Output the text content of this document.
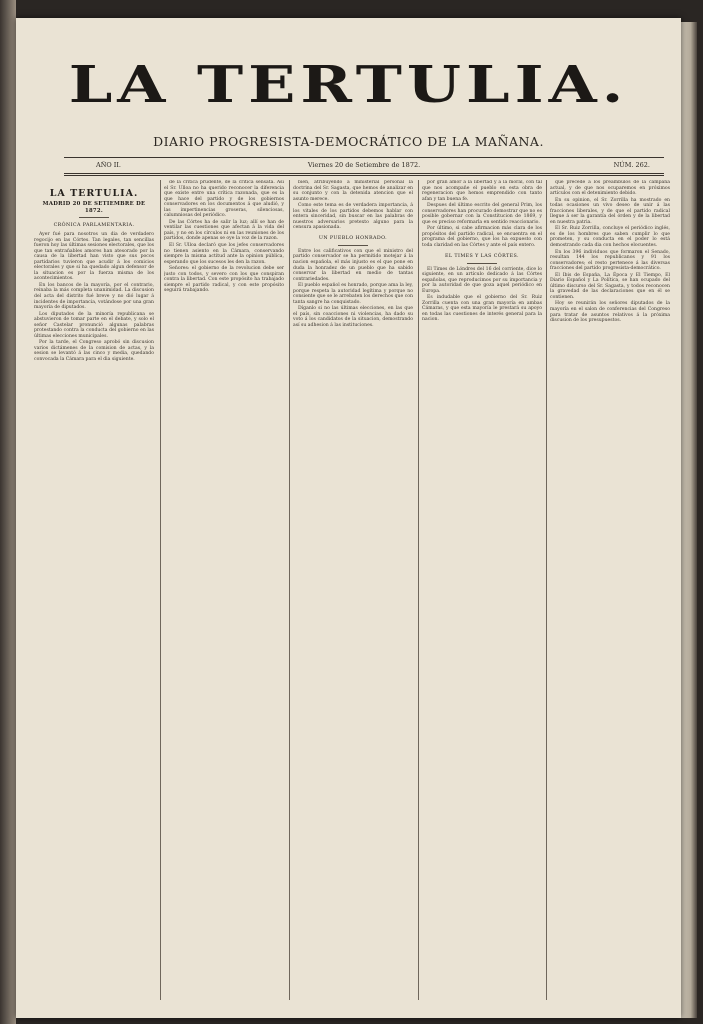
LA TERTULIA.
DIARIO PROGRESISTA-DEMOCRÁTICO DE LA MAÑANA.
AÑO II.	Viernes 20 de Setiembre de 1872.	NÚM. 262.
LA TERTULIA.
MADRID 20 DE SETIEMBRE DE 1872.
CRÓNICA PARLAMENTARIA.

Ayer fué para nosotros un dia de verdadero regocijo en las Córtes. Tan legales, tan sencillas fueron hoy las últimas sesiones electorales, que los que tan entrañables amores han atesorado por la causa de la libertad han visto que sus pocos partidarios tuvieron que acudir á los comicios electorales y que si ha quedado algun defensor de la situacion es por la fuerza misma de los acontecimientos.

En los bancos de la mayoría, por el contrario, reinaba la más completa unanimidad. La discusion del acta del distrito fué breve y no dió lugar á incidentes de importancia, votándose por una gran mayoría de diputados.

Los diputados de la minoría republicana se abstuvieron de tomar parte en el debate, y solo el señor Castelar pronunció algunas palabras protestando contra la conducta del gobierno en las últimas elecciones municipales.

Por la tarde, el Congreso aprobó sin discusion varios dictámenes de la comision de actas, y la sesion se levantó á las cinco y media, quedando convocada la Cámara para el dia siguiente.

de la crítica prudente, de la crítica sensata. Así el Sr. Ulloa no ha querido reconocer la diferencia que existe entre una crítica razonada, que es la que hace del partido y de los gobiernos conservadores en los documentos á que aludió, y las impertinencias groseras, silenciosas, calumniosas del periódico.

De las Córtes ha de salir la luz; allí se han de ventilar las cuestiones que afectan á la vida del país, y no en los círculos ni en las reuniones de los partidos, donde apenas se oye la voz de la razon.

El Sr. Ulloa declaró que los jefes conservadores no tienen asiento en la Cámara, conservando siempre la misma actitud ante la opinion pública, esperando que los sucesos les den la razon.

Señores: el gobierno de la revolucion debe ser justo con todos, y severo con los que conspiran contra la libertad. Con este propósito ha trabajado siempre el partido radical, y con este propósito seguirá trabajando.

bien, atribuyendo á ministerial personal la doctrina del Sr. Sagasta, que hemos de analizar en su conjunto y con la detenida atencion que el asunto merece.

Como este tema es de verdadera importancia, á los vitales de los partidos debemos hablar con entera sinceridad, sin buscar en las palabras de nuestros adversarios pretexto alguno para la censura apasionada.

UN PUEBLO HONRADO.

Entre los calificativos con que el ministro del partido conservador se ha permitido motejar á la nacion española, el más injusto es el que pone en duda la honradez de un pueblo que ha sabido conservar la libertad en medio de tantas contrariedades.

El pueblo español es honrado, porque ama la ley, porque respeta la autoridad legítima y porque no consiente que se le arrebaten los derechos que con tanta sangre ha conquistado.

Díganlo si no las últimas elecciones, en las que el país, sin coacciones ni violencias, ha dado su voto á los candidatos de la situacion, demostrando así su adhesion á las instituciones.

por gran amor á la libertad y á la moral, con tal que nos acompañe el pueblo en esta obra de regeneracion que hemos emprendido con tanto afan y tan buena fe.

Despues del último escrito del general Prim, los conservadores han procurado demostrar que no es posible gobernar con la Constitucion de 1869, y que es preciso reformarla en sentido reaccionario.

Por último, si cabe afirmacion más clara de los propósitos del partido radical, se encuentra en el programa del gobierno, que los ha expuesto con toda claridad en las Córtes y ante el país entero.

EL TIMES Y LAS CÓRTES.

El Times de Lóndres del 16 del corriente, dice lo siguiente, en un artículo dedicado á las Córtes españolas, que reproducimos por su importancia y por la autoridad de que goza aquel periódico en Europa.

Es indudable que el gobierno del Sr. Ruiz Zorrilla cuenta con una gran mayoría en ambas Cámaras, y que esta mayoría le prestará su apoyo en todas las cuestiones de interés general para la nacion.

que precede á los preámbulos de la campaña actual, y de que nos ocuparemos en próximos artículos con el detenimiento debido.

En su opinion, el Sr. Zorrilla ha mostrado en todas ocasiones un vivo deseo de unir á las fracciones liberales, y de que el partido radical llegue á ser la garantía del órden y de la libertad en nuestra patria.

El Sr. Ruiz Zorrilla, concluye el periódico inglés, es de los hombres que saben cumplir lo que prometen, y su conducta en el poder lo está demostrando cada dia con hechos elocuentes.

En los 396 individuos que formaron el Senado, resultan 144 los republicanos y 91 los conservadores; el resto pertenece á las diversas fracciones del partido progresista-democrático.

El Ibis de España, La Época y El Tiempo, El Diario Español y La Política, se han ocupado del último discurso del Sr. Sagasta, y todos reconocen la gravedad de las declaraciones que en él se contienen.

Hoy se reunirán los señores diputados de la mayoría en el salon de conferencias del Congreso para tratar de asuntos relativos á la próxima discusion de los presupuestos.
